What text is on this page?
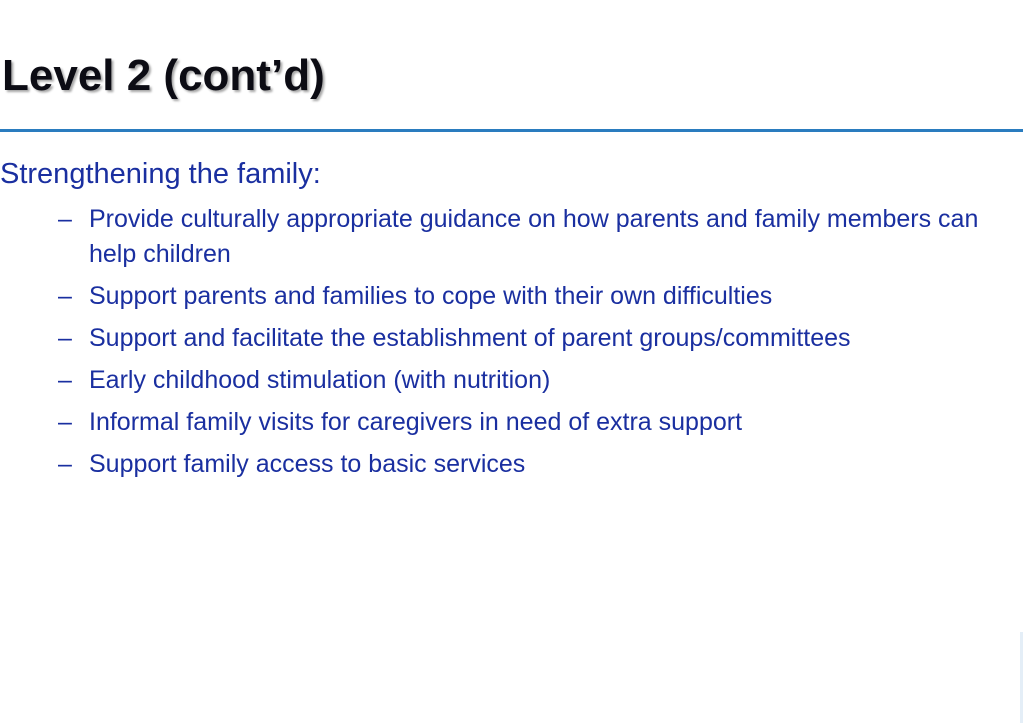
Level 2 (cont’d)

Strengthening the family:

– Provide culturally appropriate guidance on how parents and family members can help children
– Support parents and families to cope with their own difficulties
– Support and facilitate the establishment of parent groups/committees
– Early childhood stimulation (with nutrition)
– Informal family visits for caregivers in need of extra support
– Support family access to basic services
